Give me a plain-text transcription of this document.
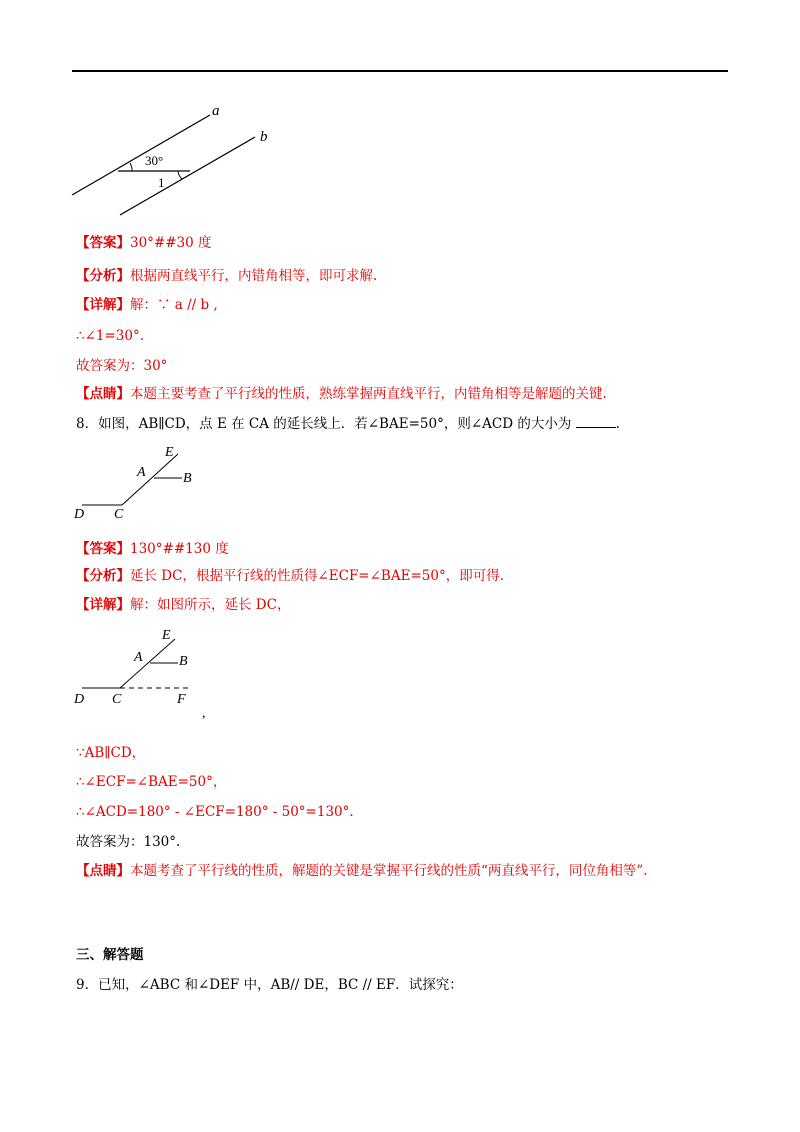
a
b
30°
1
【答案】30°##30 度
【分析】根据两直线平行，内错角相等，即可求解.
【详解】解：∵ a // b ,
∴∠1=30°.
故答案为：30°
【点睛】本题主要考查了平行线的性质，熟练掌握两直线平行，内错角相等是解题的关键.
8．如图，AB∥CD，点 E 在 CA 的延长线上．若∠BAE=50°，则∠ACD 的大小为	.
E
A	B
D C
【答案】130°##130 度
【分析】延长 DC，根据平行线的性质得∠ECF=∠BAE=50°，即可得.
【详解】解：如图所示，延长 DC，
E
A	B
D C	F
,
∵AB∥CD，
∴∠ECF=∠BAE=50°，
∴∠ACD=180° - ∠ECF=180° - 50°=130°.
故答案为：130°.
【点睛】本题考查了平行线的性质，解题的关键是掌握平行线的性质“两直线平行，同位角相等”.
三、解答题
9．已知，∠ABC 和∠DEF 中，AB// DE，BC // EF．试探究：
